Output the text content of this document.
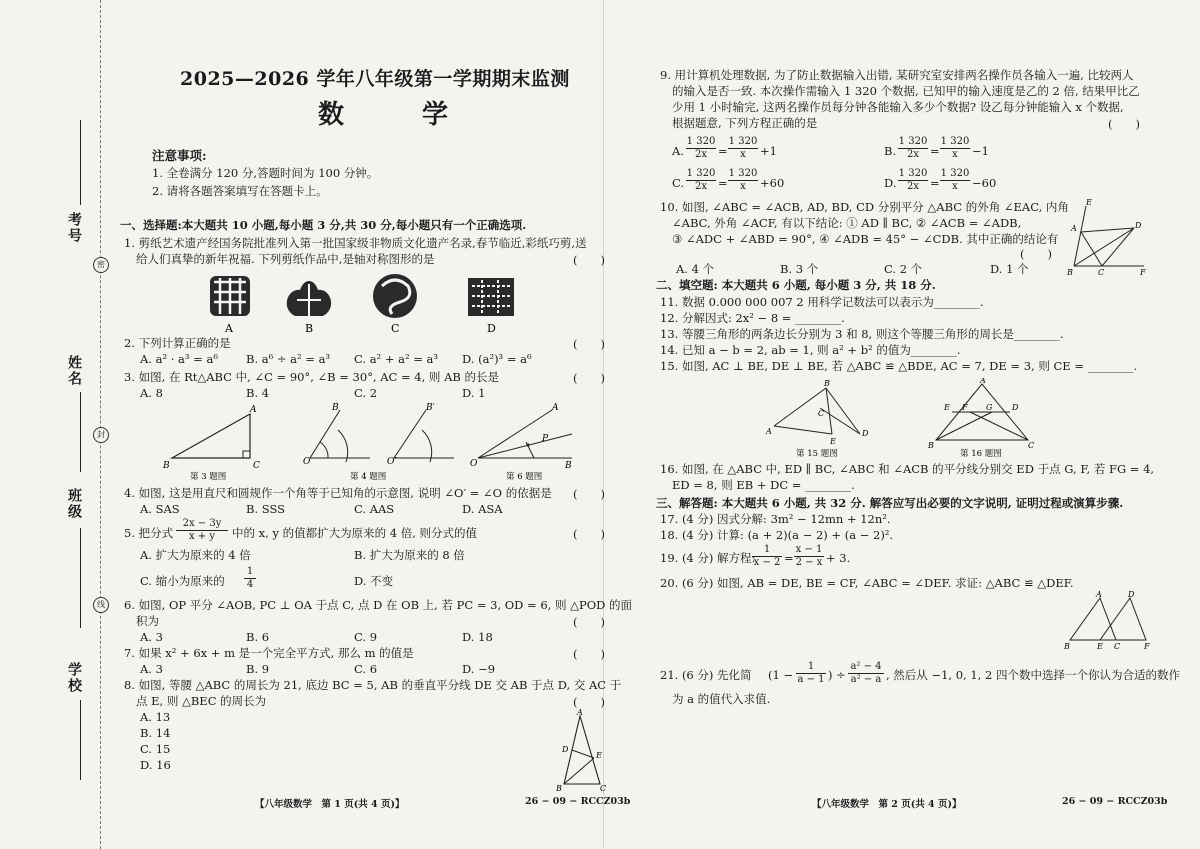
考号
姓名
班级
学校
密
封
线
2025—2026 学年八年级第一学期期末监测
数　学
注意事项:
1. 全卷满分 120 分,答题时间为 100 分钟。
2. 请将各题答案填写在答题卡上。
一、选择题:本大题共 10 小题,每小题 3 分,共 30 分,每小题只有一个正确选项.
1. 剪纸艺术遗产经国务院批准列入第一批国家级非物质文化遗产名录,春节临近,彩纸巧剪,送
给人们真挚的新年祝福. 下列剪纸作品中,是轴对称图形的是	(　　)
A	B	C	D
2. 下列计算正确的是	(　　)
A. a² · a³ = a⁶ B. a⁶ ÷ a² = a³ C. a² + a² = a³ D. (a²)³ = a⁶
3. 如图, 在 Rt△ABC 中, ∠C = 90°, ∠B = 30°, AC = 4, 则 AB 的长是	(　　)
A. 8	B. 4	C. 2	D. 1
B	C
A
O
B
O′
B′
O
A
P
B
第 3 题图	第 4 题图	第 6 题图
4. 如图, 这是用直尺和圆规作一个角等于已知角的示意图, 说明 ∠O′ = ∠O 的依据是 (　　)
A. SAS	B. SSS	C. AAS	D. ASA
5. 把分式 $\frac{2x - 3y}{x + y}$ 中的 x, y 的值都扩大为原来的 4 倍, 则分式的值	(　　)
A. 扩大为原来的 4 倍	B. 扩大为原来的 8 倍
C. 缩小为原来的 $\frac{1}{4}$	D. 不变
6. 如图, OP 平分 ∠AOB, PC ⊥ OA 于点 C, 点 D 在 OB 上, 若 PC = 3, OD = 6, 则 △POD 的面
积为	(　　)
A. 3	B. 6	C. 9	D. 18
7. 如果 x² + 6x + m 是一个完全平方式, 那么 m 的值是	(　　)
A. 3	B. 9	C. 6	D. −9
8. 如图, 等腰 △ABC 的周长为 21, 底边 BC = 5, AB 的垂直平分线 DE 交 AB 于点 D, 交 AC 于
点 E, 则 △BEC 的周长为	(　　)
A. 13
B. 14
C. 15
D. 16
A
D
E
B	C
【八年级数学　第 1 页(共 4 页)】	26 − 09 − RCCZ03b
9. 用计算机处理数据, 为了防止数据输入出错, 某研究室安排两名操作员各输入一遍, 比较两人
的输入是否一致. 本次操作需输入 1 320 个数据, 已知甲的输入速度是乙的 2 倍, 结果甲比乙
少用 1 小时输完, 这两名操作员每分钟各能输入多少个数据? 设乙每分钟能输入 x 个数据,
根据题意, 下列方程正确的是	(　　)
A. $\frac{1 320}{2x} = \frac{1 320}{x} +1$	B. $\frac{1 320}{2x} = \frac{1 320}{x} -1$
C. $\frac{1 320}{2x} = \frac{1 320}{x} +60$	D. $\frac{1 320}{2x} = \frac{1 320}{x} -60$
10. 如图, ∠ABC = ∠ACB, AD, BD, CD 分别平分 △ABC 的外角 ∠EAC, 内角
∠ABC, 外角 ∠ACF, 有以下结论: ① AD ∥ BC, ② ∠ACB = ∠ADB,
③ ∠ADC + ∠ABD = 90°, ④ ∠ADB = 45° − ∠CDB. 其中正确的结论有
(　　)
A. 4 个	B. 3 个	C. 2 个	D. 1 个
E
A	D
B	C	F
二、填空题: 本大题共 6 小题, 每小题 3 分, 共 18 分.
11. 数据 0.000 000 007 2 用科学记数法可以表示为________.
12. 分解因式: 2x² − 8 = ________.
13. 等腰三角形的两条边长分别为 3 和 8, 则这个等腰三角形的周长是________.
14. 已知 a − b = 2, ab = 1, 则 a² + b² 的值为________.
15. 如图, AC ⊥ BE, DE ⊥ BE, 若 △ABC ≌ △BDE, AC = 7, DE = 3, 则 CE = ________.
A
B
C
E
D
A
E F G D
B	C
第 15 题图	第 16 题图
16. 如图, 在 △ABC 中, ED ∥ BC, ∠ABC 和 ∠ACB 的平分线分别交 ED 于点 G, F, 若 FG = 4,
ED = 8, 则 EB + DC = ________.
三、解答题: 本大题共 6 小题, 共 32 分. 解答应写出必要的文字说明, 证明过程或演算步骤.
17. (4 分) 因式分解: 3m² − 12mn + 12n².
18. (4 分) 计算: (a + 2)(a − 2) + (a − 2)².
19. (4 分) 解方程:
$\frac{1}{x - 2} = \frac{x - 1}{2 - x} + 3$.
20. (6 分) 如图, AB = DE, BE = CF, ∠ABC = ∠DEF. 求证: △ABC ≌ △DEF.
A	D
B	E C	F
21. (6 分) 先化简 ($1 - \frac{1}{a - 1}$ ) ÷ $\frac{\text{a² − 4}}{\text{a² − a}}$ , 然后从 −1, 0, 1, 2 四个数中选择一个你认为合适的数作
为 a 的值代入求值.
【八年级数学　第 2 页(共 4 页)】	26 − 09 − RCCZ03b
